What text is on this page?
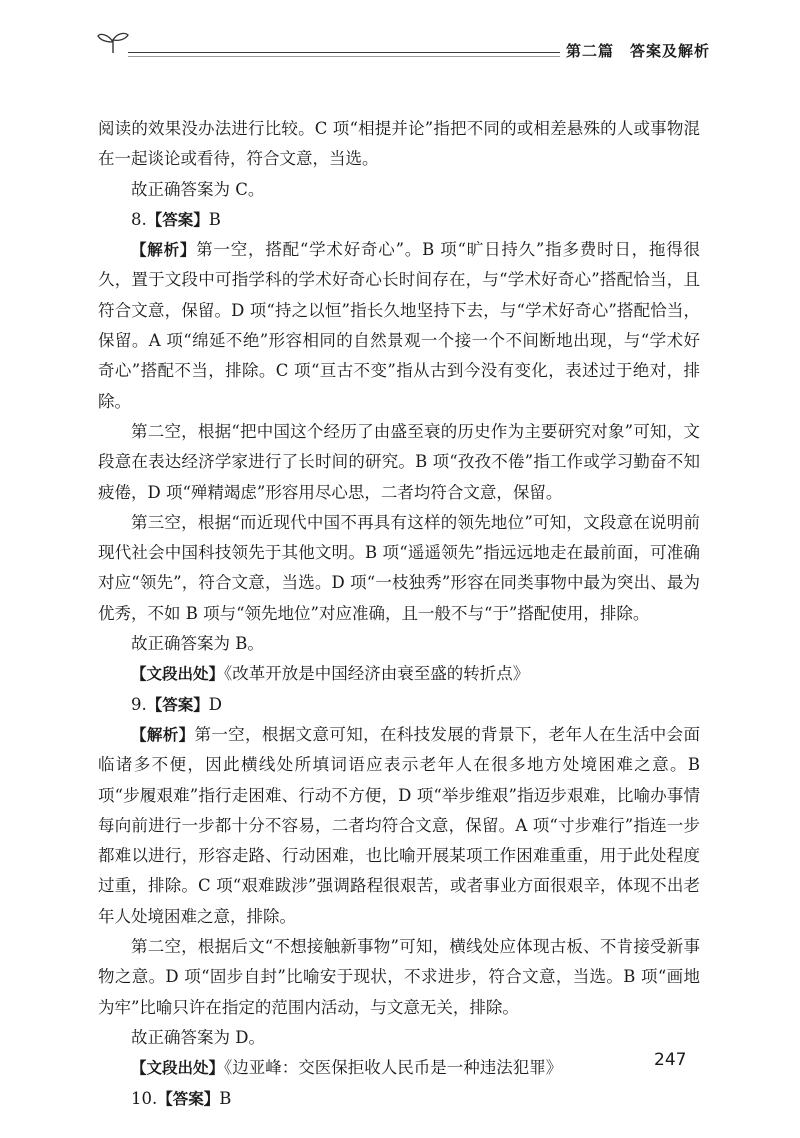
第二篇　答案及解析

阅读的效果没办法进行比较。C 项“相提并论”指把不同的或相差悬殊的人或事物混在一起谈论或看待，符合文意，当选。

故正确答案为 C。

8.【答案】B

【解析】第一空，搭配“学术好奇心”。B 项“旷日持久”指多费时日，拖得很久，置于文段中可指学科的学术好奇心长时间存在，与“学术好奇心”搭配恰当，且符合文意，保留。D 项“持之以恒”指长久地坚持下去，与“学术好奇心”搭配恰当，保留。A 项“绵延不绝”形容相同的自然景观一个接一个不间断地出现，与“学术好奇心”搭配不当，排除。C 项“亘古不变”指从古到今没有变化，表述过于绝对，排除。

第二空，根据“把中国这个经历了由盛至衰的历史作为主要研究对象”可知，文段意在表达经济学家进行了长时间的研究。B 项“孜孜不倦”指工作或学习勤奋不知疲倦，D 项“殚精竭虑”形容用尽心思，二者均符合文意，保留。

第三空，根据“而近现代中国不再具有这样的领先地位”可知，文段意在说明前现代社会中国科技领先于其他文明。B 项“遥遥领先”指远远地走在最前面，可准确对应“领先”，符合文意，当选。D 项“一枝独秀”形容在同类事物中最为突出、最为优秀，不如 B 项与“领先地位”对应准确，且一般不与“于”搭配使用，排除。

故正确答案为 B。

【文段出处】《改革开放是中国经济由衰至盛的转折点》

9.【答案】D

【解析】第一空，根据文意可知，在科技发展的背景下，老年人在生活中会面临诸多不便，因此横线处所填词语应表示老年人在很多地方处境困难之意。B 项“步履艰难”指行走困难、行动不方便，D 项“举步维艰”指迈步艰难，比喻办事情每向前进行一步都十分不容易，二者均符合文意，保留。A 项“寸步难行”指连一步都难以进行，形容走路、行动困难，也比喻开展某项工作困难重重，用于此处程度过重，排除。C 项“艰难跋涉”强调路程很艰苦，或者事业方面很艰辛，体现不出老年人处境困难之意，排除。

第二空，根据后文“不想接触新事物”可知，横线处应体现古板、不肯接受新事物之意。D 项“固步自封”比喻安于现状，不求进步，符合文意，当选。B 项“画地为牢”比喻只许在指定的范围内活动，与文意无关，排除。

故正确答案为 D。

【文段出处】《边亚峰：交医保拒收人民币是一种违法犯罪》

10.【答案】B

247
